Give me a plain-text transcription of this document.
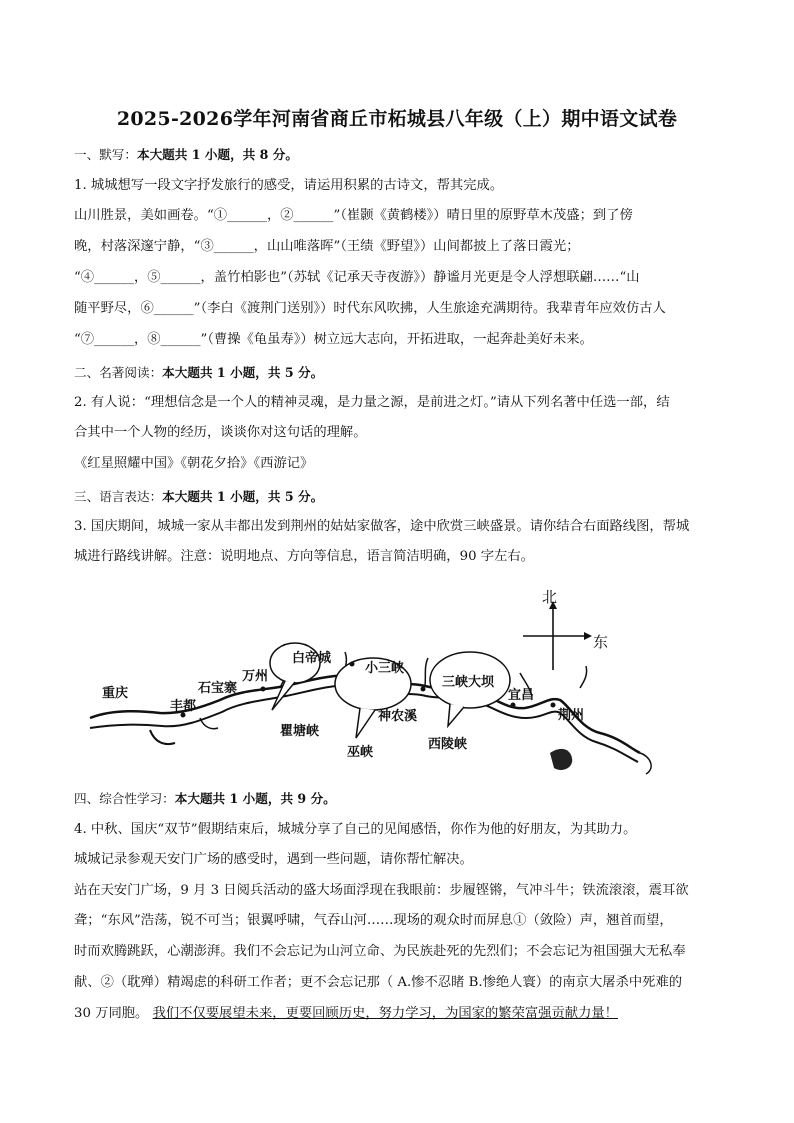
2025-2026学年河南省商丘市柘城县八年级（上）期中语文试卷
一、默写：本大题共 1 小题，共 8 分。
1. 城城想写一段文字抒发旅行的感受，请运用积累的古诗文，帮其完成。
山川胜景，美如画卷。“①______，②______”（崔颢《黄鹤楼》）晴日里的原野草木茂盛；到了傍
晚，村落深邃宁静，“③______，山山唯落晖”（王绩《野望》）山间都披上了落日霞光；
“④______，⑤______，盖竹柏影也”（苏轼《记承天寺夜游》）静谧月光更是令人浮想联翩……“山
随平野尽，⑥______”（李白《渡荆门送别》）时代东风吹拂，人生旅途充满期待。我辈青年应效仿古人
“⑦______，⑧______”（曹操《龟虽寿》）树立远大志向，开拓进取，一起奔赴美好未来。
二、名著阅读：本大题共 1 小题，共 5 分。
2. 有人说：“理想信念是一个人的精神灵魂，是力量之源，是前进之灯。”请从下列名著中任选一部，结
合其中一个人物的经历，谈谈你对这句话的理解。
《红星照耀中国》《朝花夕拾》《西游记》
三、语言表达：本大题共 1 小题，共 5 分。
3. 国庆期间，城城一家从丰都出发到荆州的姑姑家做客，途中欣赏三峡盛景。请你结合右面路线图，帮城
城进行路线讲解。注意：说明地点、方向等信息，语言简洁明确，90 字左右。
北
东
重庆
丰都
石宝寨
万州
白帝城
小三峡
三峡大坝
宜昌
荆州
瞿塘峡
巫峡
神农溪
西陵峡
四、综合性学习：本大题共 1 小题，共 9 分。
4. 中秋、国庆“双节”假期结束后，城城分享了自己的见闻感悟，你作为他的好朋友，为其助力。
城城记录参观天安门广场的感受时，遇到一些问题，请你帮忙解决。
站在天安门广场，9 月 3 日阅兵活动的盛大场面浮现在我眼前：步履铿锵，气冲斗牛；铁流滚滚，震耳欲
聋；“东风”浩荡，锐不可当；银翼呼啸，气吞山河……现场的观众时而屏息①（敛险）声，翘首而望，
时而欢腾跳跃，心潮澎湃。我们不会忘记为山河立命、为民族赴死的先烈们；不会忘记为祖国强大无私奉
献、②（耽殚）精竭虑的科研工作者；更不会忘记那（ A.惨不忍睹 B.惨绝人寰）的南京大屠杀中死难的
30 万同胞。 我们不仅要展望未来，更要回顾历史，努力学习，为国家的繁荣富强贡献力量！
